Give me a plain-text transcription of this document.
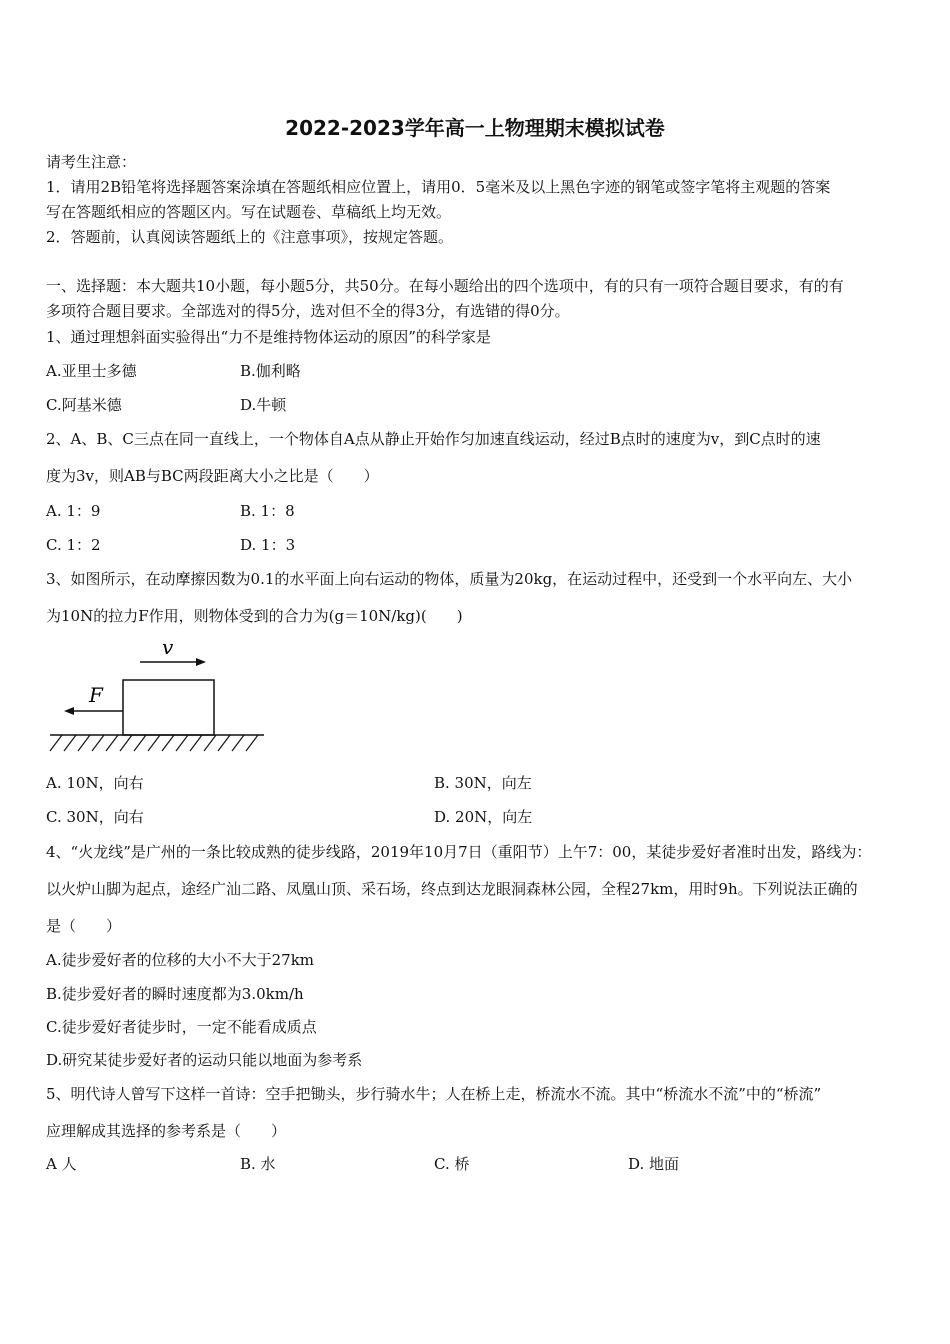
2022-2023学年高一上物理期末模拟试卷
请考生注意：
1．请用2B铅笔将选择题答案涂填在答题纸相应位置上，请用0．5毫米及以上黑色字迹的钢笔或签字笔将主观题的答案
写在答题纸相应的答题区内。写在试题卷、草稿纸上均无效。
2．答题前，认真阅读答题纸上的《注意事项》，按规定答题。
一、选择题：本大题共10小题，每小题5分，共50分。在每小题给出的四个选项中，有的只有一项符合题目要求，有的有
多项符合题目要求。全部选对的得5分，选对但不全的得3分，有选错的得0分。
1、通过理想斜面实验得出“力不是维持物体运动的原因”的科学家是
A.亚里士多德	B.伽利略
C.阿基米德	D.牛顿
2、A、B、C三点在同一直线上，一个物体自A点从静止开始作匀加速直线运动，经过B点时的速度为v，到C点时的速
度为3v，则AB与BC两段距离大小之比是（　　）
A. 1：9	B. 1：8
C. 1：2	D. 1：3
3、如图所示，在动摩擦因数为0.1的水平面上向右运动的物体，质量为20kg，在运动过程中，还受到一个水平向左、大小
为10N的拉力F作用，则物体受到的合力为(g＝10N/kg)(　　)
v
F
A. 10N，向右	B. 30N，向左
C. 30N，向右	D. 20N，向左
4、“火龙线”是广州的一条比较成熟的徒步线路，2019年10月7日（重阳节）上午7：00，某徒步爱好者准时出发，路线为：
以火炉山脚为起点，途经广汕二路、凤凰山顶、采石场，终点到达龙眼洞森林公园，全程27km，用时9h。下列说法正确的
是（　　）
A.徒步爱好者的位移的大小不大于27km
B.徒步爱好者的瞬时速度都为3.0km/h
C.徒步爱好者徒步时，一定不能看成质点
D.研究某徒步爱好者的运动只能以地面为参考系
5、明代诗人曾写下这样一首诗：空手把锄头，步行骑水牛；人在桥上走，桥流水不流。其中“桥流水不流”中的“桥流”
应理解成其选择的参考系是（　　）
A 人	B. 水	C. 桥	D. 地面
